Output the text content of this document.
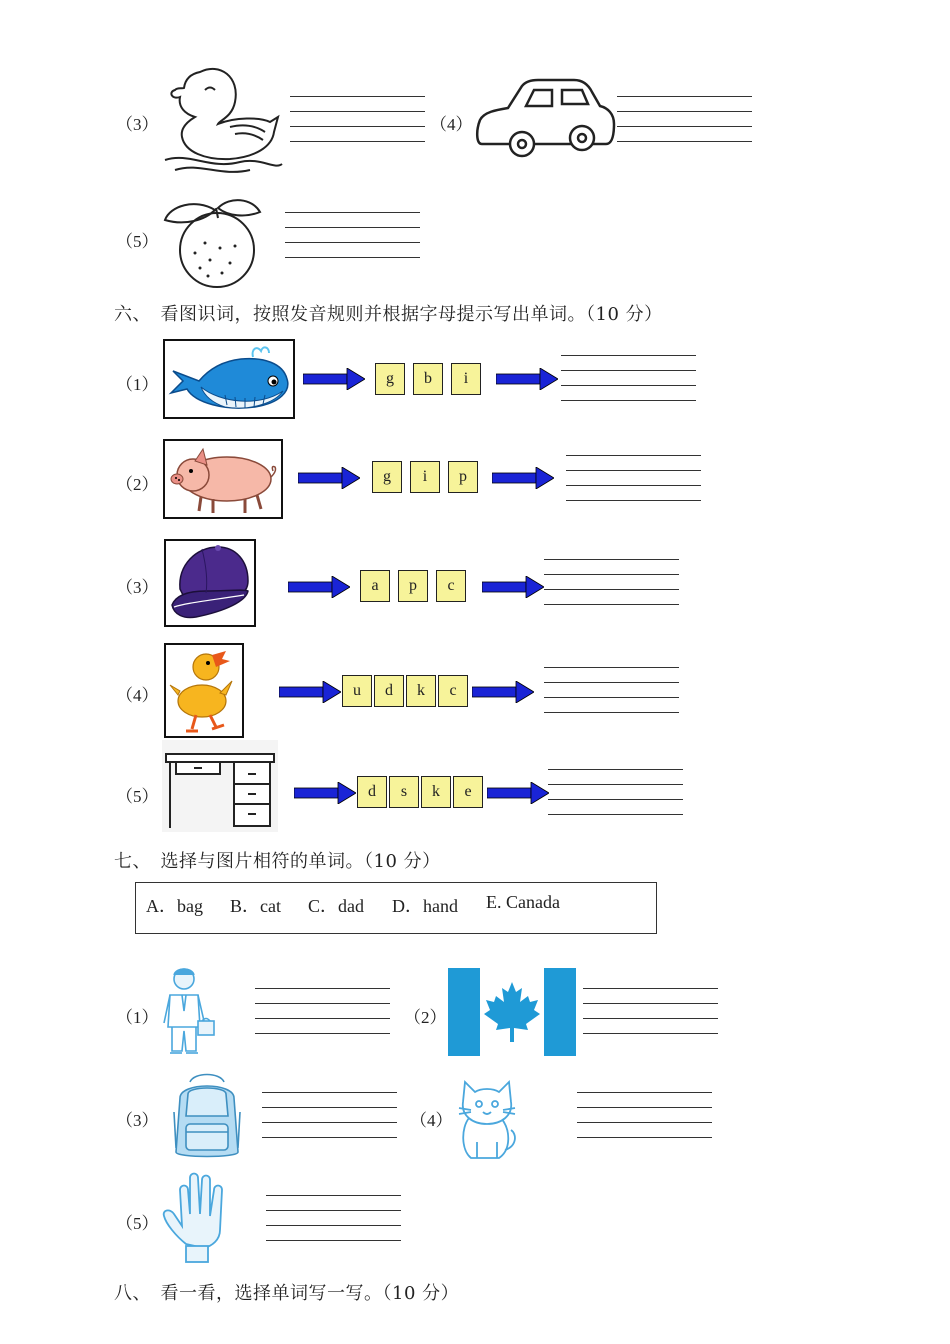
（3）	（4）
（5）
六、　看图识词，按照发音规则并根据字母提示写出单词。（10 分）
（1）	g	b	i
（2）	g	i	p
（3）	a	p	c
（4）	u	d	k	c
（5）	d	s	k	e
七、　选择与图片相符的单词。（10 分）
A．bag B．cat C．dad D．hand E. Canada
（1）	（2）
（3）	（4）
（5）
八、　看一看，选择单词写一写。（10 分）
